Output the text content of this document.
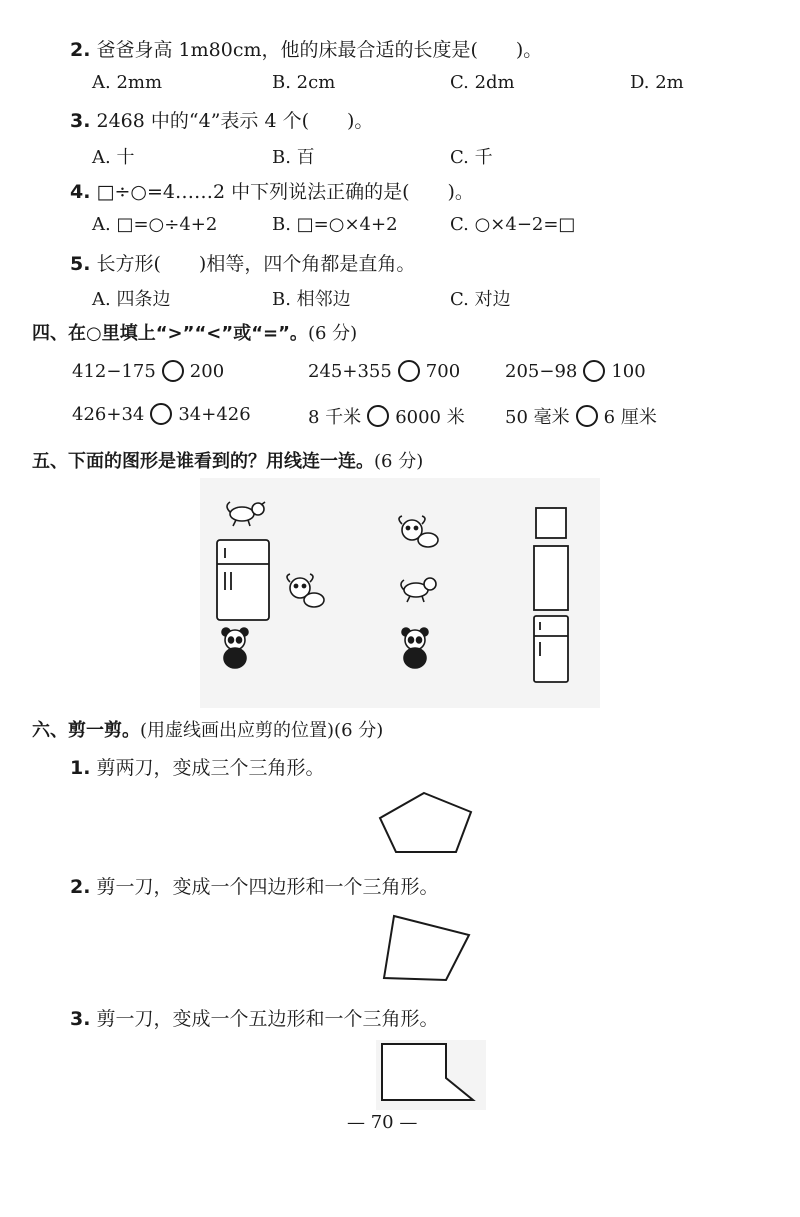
2. 爸爸身高 1m80cm，他的床最合适的长度是(　　)。
A. 2mm	B. 2cm	C. 2dm	D. 2m
3. 2468 中的“4”表示 4 个(　　)。
A. 十	B. 百	C. 千
4. □÷○=4……2 中下列说法正确的是(　　)。
A. □=○÷4+2	B. □=○×4+2	C. ○×4−2=□
5. 长方形(　　)相等，四个角都是直角。
A. 四条边	B. 相邻边	C. 对边
四、在○里填上“>”“<”或“=”。(6 分)
412−175 200	245+355 700 205−98 100
426+34 34+426	8 千米 6000 米 50 毫米 6 厘米
五、下面的图形是谁看到的？用线连一连。(6 分)
六、剪一剪。(用虚线画出应剪的位置)(6 分)
1. 剪两刀，变成三个三角形。
2. 剪一刀，变成一个四边形和一个三角形。
3. 剪一刀，变成一个五边形和一个三角形。
— 70 —
